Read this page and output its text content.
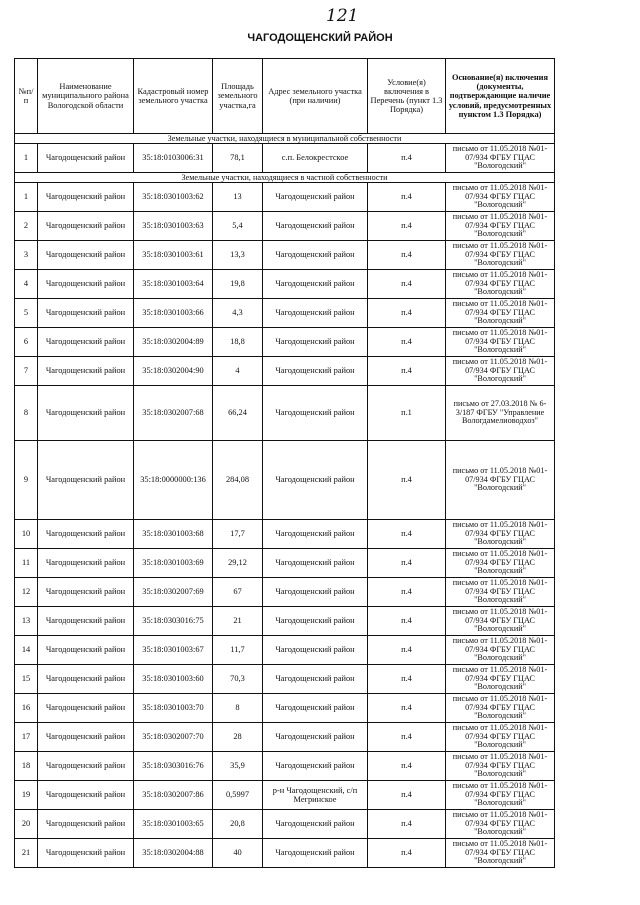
121
ЧАГОДОЩЕНСКИЙ РАЙОН
№п/п	Наименование муниципального района Вологодской области	Кадастровый номер земельного участка	Площадь земельного участка,га	Адрес земельного участка (при наличии)	Условие(я) включения в Перечень (пункт 1.3 Порядка)	Основание(я) включения (документы, подтверждающие наличие условий, предусмотренных пунктом 1.3 Порядка)
Земельные участки, находящиеся в муниципальной собственности						
1	Чагодощенский район	35:18:0103006:31	78,1	с.п. Белокрестское	п.4	письмо от 11.05.2018 №01-07/934 ФГБУ ГЦАС "Вологодский"
Земельные участки, находящиеся в частной собственности						
1	Чагодощенский район	35:18:0301003:62	13	Чагодощенский район	п.4	письмо от 11.05.2018 №01-07/934 ФГБУ ГЦАС "Вологодский"
2	Чагодощенский район	35:18:0301003:63	5,4	Чагодощенский район	п.4	письмо от 11.05.2018 №01-07/934 ФГБУ ГЦАС "Вологодский"
3	Чагодощенский район	35:18:0301003:61	13,3	Чагодощенский район	п.4	письмо от 11.05.2018 №01-07/934 ФГБУ ГЦАС "Вологодский"
4	Чагодощенский район	35:18:0301003:64	19,8	Чагодощенский район	п.4	письмо от 11.05.2018 №01-07/934 ФГБУ ГЦАС "Вологодский"
5	Чагодощенский район	35:18:0301003:66	4,3	Чагодощенский район	п.4	письмо от 11.05.2018 №01-07/934 ФГБУ ГЦАС "Вологодский"
6	Чагодощенский район	35:18:0302004:89	18,8	Чагодощенский район	п.4	письмо от 11.05.2018 №01-07/934 ФГБУ ГЦАС "Вологодский"
7	Чагодощенский район	35:18:0302004:90	4	Чагодощенский район	п.4	письмо от 11.05.2018 №01-07/934 ФГБУ ГЦАС "Вологодский"
8	Чагодощенский район	35:18:0302007:68	66,24	Чагодощенский район	п.1	письмо от 27.03.2018 № 6-3/187 ФГБУ "Управление Вологдамелиоводхоз"
9	Чагодощенский район	35:18:0000000:136	284,08	Чагодощенский район	п.4	письмо от 11.05.2018 №01-07/934 ФГБУ ГЦАС "Вологодский"
10	Чагодощенский район	35:18:0301003:68	17,7	Чагодощенский район	п.4	письмо от 11.05.2018 №01-07/934 ФГБУ ГЦАС "Вологодский"
11	Чагодощенский район	35:18:0301003:69	29,12	Чагодощенский район	п.4	письмо от 11.05.2018 №01-07/934 ФГБУ ГЦАС "Вологодский"
12	Чагодощенский район	35:18:0302007:69	67	Чагодощенский район	п.4	письмо от 11.05.2018 №01-07/934 ФГБУ ГЦАС "Вологодский"
13	Чагодощенский район	35:18:0303016:75	21	Чагодощенский район	п.4	письмо от 11.05.2018 №01-07/934 ФГБУ ГЦАС "Вологодский"
14	Чагодощенский район	35:18:0301003:67	11,7	Чагодощенский район	п.4	письмо от 11.05.2018 №01-07/934 ФГБУ ГЦАС "Вологодский"
15	Чагодощенский район	35:18:0301003:60	70,3	Чагодощенский район	п.4	письмо от 11.05.2018 №01-07/934 ФГБУ ГЦАС "Вологодский"
16	Чагодощенский район	35:18:0301003:70	8	Чагодощенский район	п.4	письмо от 11.05.2018 №01-07/934 ФГБУ ГЦАС "Вологодский"
17	Чагодощенский район	35:18:0302007:70	28	Чагодощенский район	п.4	письмо от 11.05.2018 №01-07/934 ФГБУ ГЦАС "Вологодский"
18	Чагодощенский район	35:18:0303016:76	35,9	Чагодощенский район	п.4	письмо от 11.05.2018 №01-07/934 ФГБУ ГЦАС "Вологодский"
19	Чагодощенский район	35:18:0302007:86	0,5997	р-н Чагодощенский, с/п Мегринское	п.4	письмо от 11.05.2018 №01-07/934 ФГБУ ГЦАС "Вологодский"
20	Чагодощенский район	35:18:0301003:65	20,8	Чагодощенский район	п.4	письмо от 11.05.2018 №01-07/934 ФГБУ ГЦАС "Вологодский"
21	Чагодощенский район	35:18:0302004:88	40	Чагодощенский район	п.4	письмо от 11.05.2018 №01-07/934 ФГБУ ГЦАС "Вологодский"
